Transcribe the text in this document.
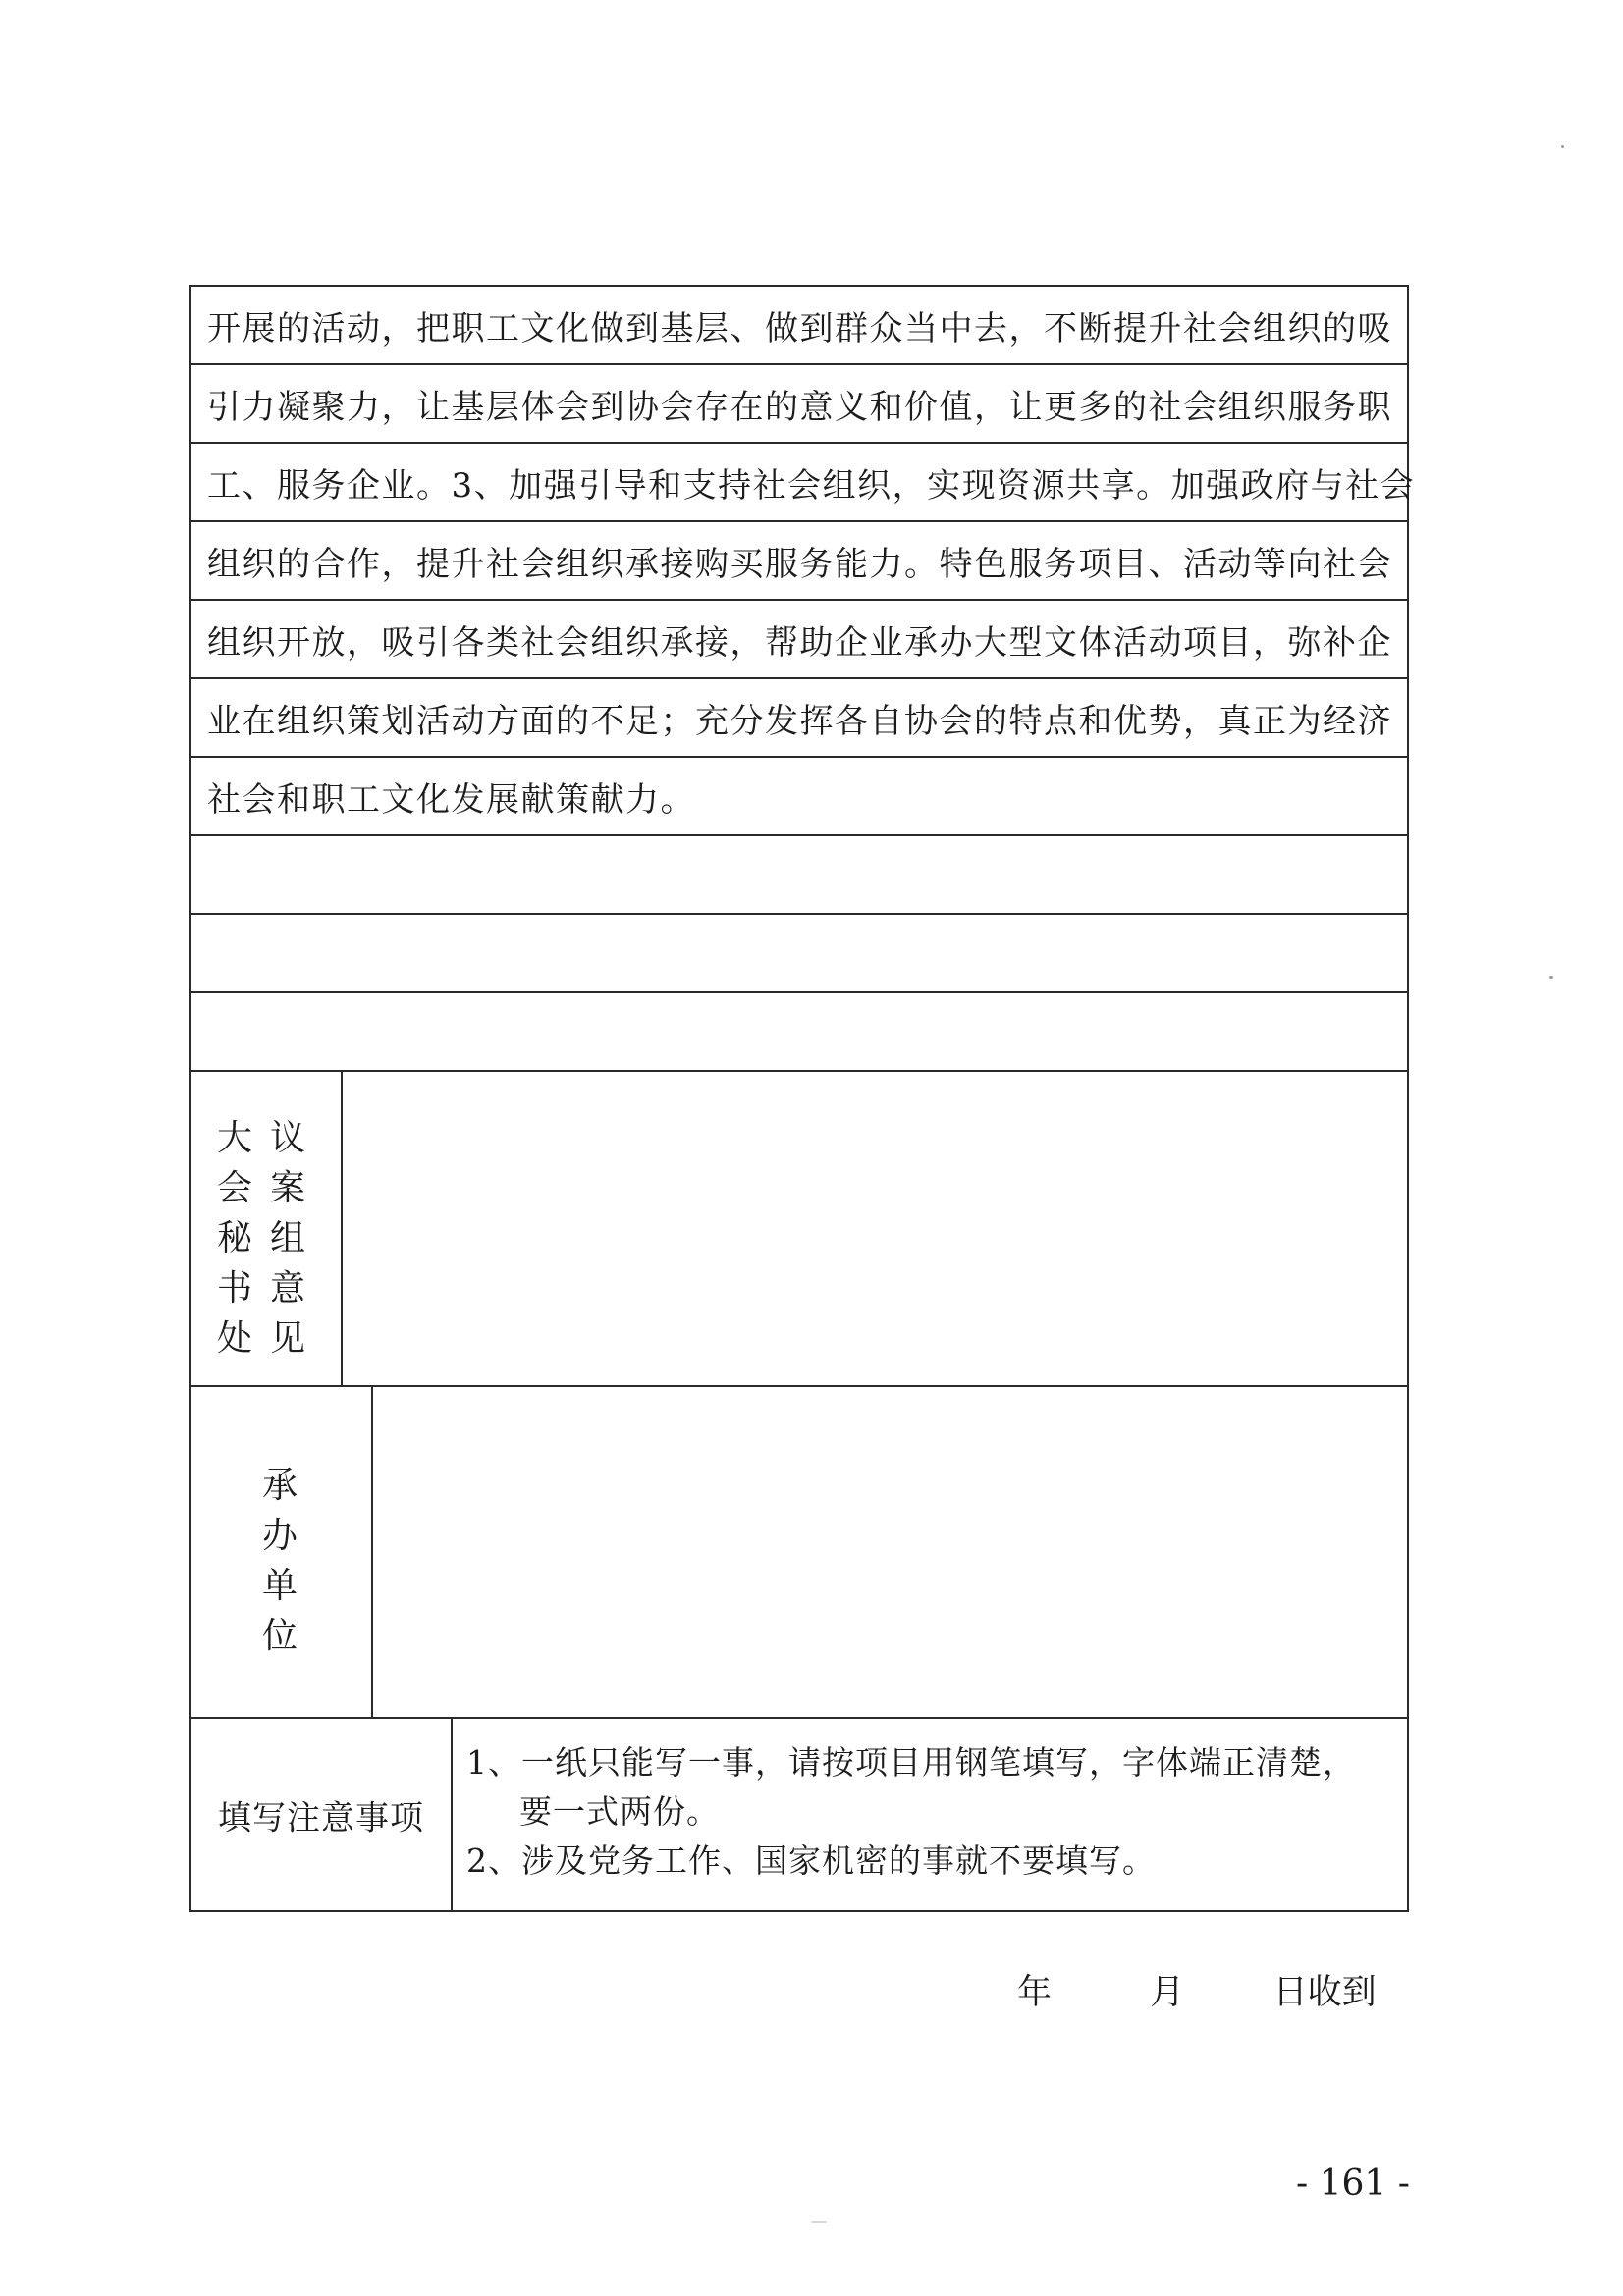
开展的活动，把职工文化做到基层、做到群众当中去，不断提升社会组织的吸
引力凝聚力，让基层体会到协会存在的意义和价值，让更多的社会组织服务职
工、服务企业。3、加强引导和支持社会组织，实现资源共享。加强政府与社会
组织的合作，提升社会组织承接购买服务能力。特色服务项目、活动等向社会
组织开放，吸引各类社会组织承接，帮助企业承办大型文体活动项目，弥补企
业在组织策划活动方面的不足；充分发挥各自协会的特点和优势，真正为经济
社会和职工文化发展献策献力。
议
案
组
意
见
大
会
秘
书
处
承
办
单
位
填写注意事项
1、一纸只能写一事，请按项目用钢笔填写，字体端正清楚，
要一式两份。
2、涉及党务工作、国家机密的事就不要填写。
年	月	日收到
- 161 -
